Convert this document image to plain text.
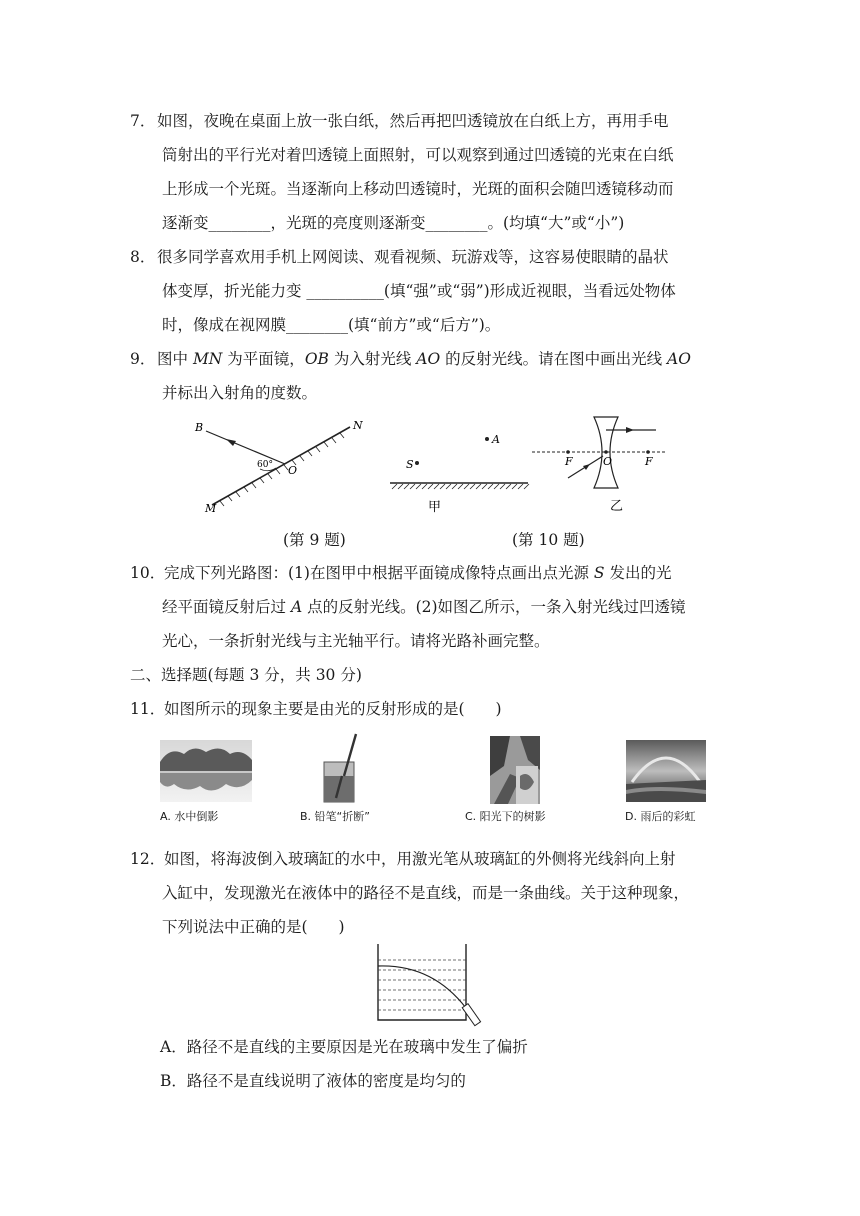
7． 如图，夜晚在桌面上放一张白纸，然后再把凹透镜放在白纸上方，再用手电
筒射出的平行光对着凹透镜上面照射，可以观察到通过凹透镜的光束在白纸
上形成一个光斑。当逐渐向上移动凹透镜时，光斑的面积会随凹透镜移动而
逐渐变________，光斑的亮度则逐渐变________。(均填“大”或“小”)
8． 很多同学喜欢用手机上网阅读、观看视频、玩游戏等，这容易使眼睛的晶状
体变厚，折光能力变 __________(填“强”或“弱”)形成近视眼，当看远处物体
时，像成在视网膜________(填“前方”或“后方”)。
9． 图中 MN 为平面镜，OB 为入射光线 AO 的反射光线。请在图中画出光线 AO
并标出入射角的度数。
B	N
M
O
60°	S
A
甲
F	O	F
乙
(第 9 题)	(第 10 题)
10．
完成下列光路图：(1)在图甲中根据平面镜成像特点画出点光源 S 发出的光
经平面镜反射后过 A 点的反射光线。(2)如图乙所示，一条入射光线过凹透镜
光心，一条折射光线与主光轴平行。请将光路补画完整。
二、选择题(每题 3 分，共 30 分)
11．
如图所示的现象主要是由光的反射形成的是(　　)
A. 水中倒影	B. 铅笔“折断”	C. 阳光下的树影	D. 雨后的彩虹
12．
如图，将海波倒入玻璃缸的水中，用激光笔从玻璃缸的外侧将光线斜向上射
入缸中，发现激光在液体中的路径不是直线，而是一条曲线。关于这种现象，
下列说法中正确的是(　　)
A．路径不是直线的主要原因是光在玻璃中发生了偏折
B．路径不是直线说明了液体的密度是均匀的
